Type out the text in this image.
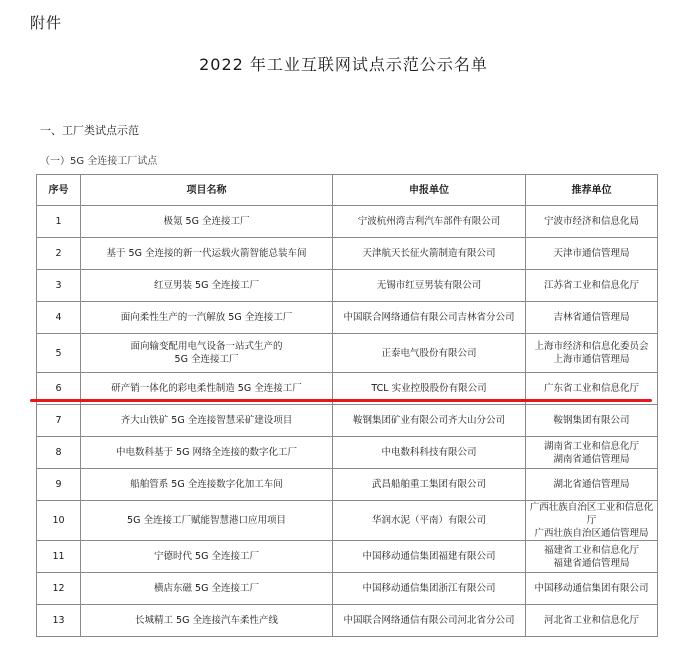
附件
2022 年工业互联网试点示范公示名单
一、工厂类试点示范
（一）5G 全连接工厂试点
序号	项目名称	申报单位	推荐单位
1	极氪 5G 全连接工厂	宁波杭州湾吉利汽车部件有限公司	宁波市经济和信息化局

2	基于 5G 全连接的新一代运载火箭智能总装车间	天津航天长征火箭制造有限公司	天津市通信管理局

3	红豆男装 5G 全连接工厂	无锡市红豆男装有限公司	江苏省工业和信息化厅

4	面向柔性生产的一汽解放 5G 全连接工厂	中国联合网络通信有限公司吉林省分公司	吉林省通信管理局

5	面向输变配用电气设备一站式生产的
5G 全连接工厂	正泰电气股份有限公司	上海市经济和信息化委员会
上海市通信管理局

6	研产销一体化的彩电柔性制造 5G 全连接工厂	TCL 实业控股股份有限公司	广东省工业和信息化厅

7	齐大山铁矿 5G 全连接智慧采矿建设项目	鞍钢集团矿业有限公司齐大山分公司	鞍钢集团有限公司

8	中电数科基于 5G 网络全连接的数字化工厂	中电数科科技有限公司	湖南省工业和信息化厅
湖南省通信管理局

9	船舶管系 5G 全连接数字化加工车间	武昌船舶重工集团有限公司	湖北省通信管理局

10	5G 全连接工厂赋能智慧港口应用项目	华润水泥（平南）有限公司	广西壮族自治区工业和信息化厅
广西壮族自治区通信管理局

11	宁德时代 5G 全连接工厂	中国移动通信集团福建有限公司	福建省工业和信息化厅
福建省通信管理局

12	横店东磁 5G 全连接工厂	中国移动通信集团浙江有限公司	中国移动通信集团有限公司

13	长城精工 5G 全连接汽车柔性产线	中国联合网络通信有限公司河北省分公司	河北省工业和信息化厅
